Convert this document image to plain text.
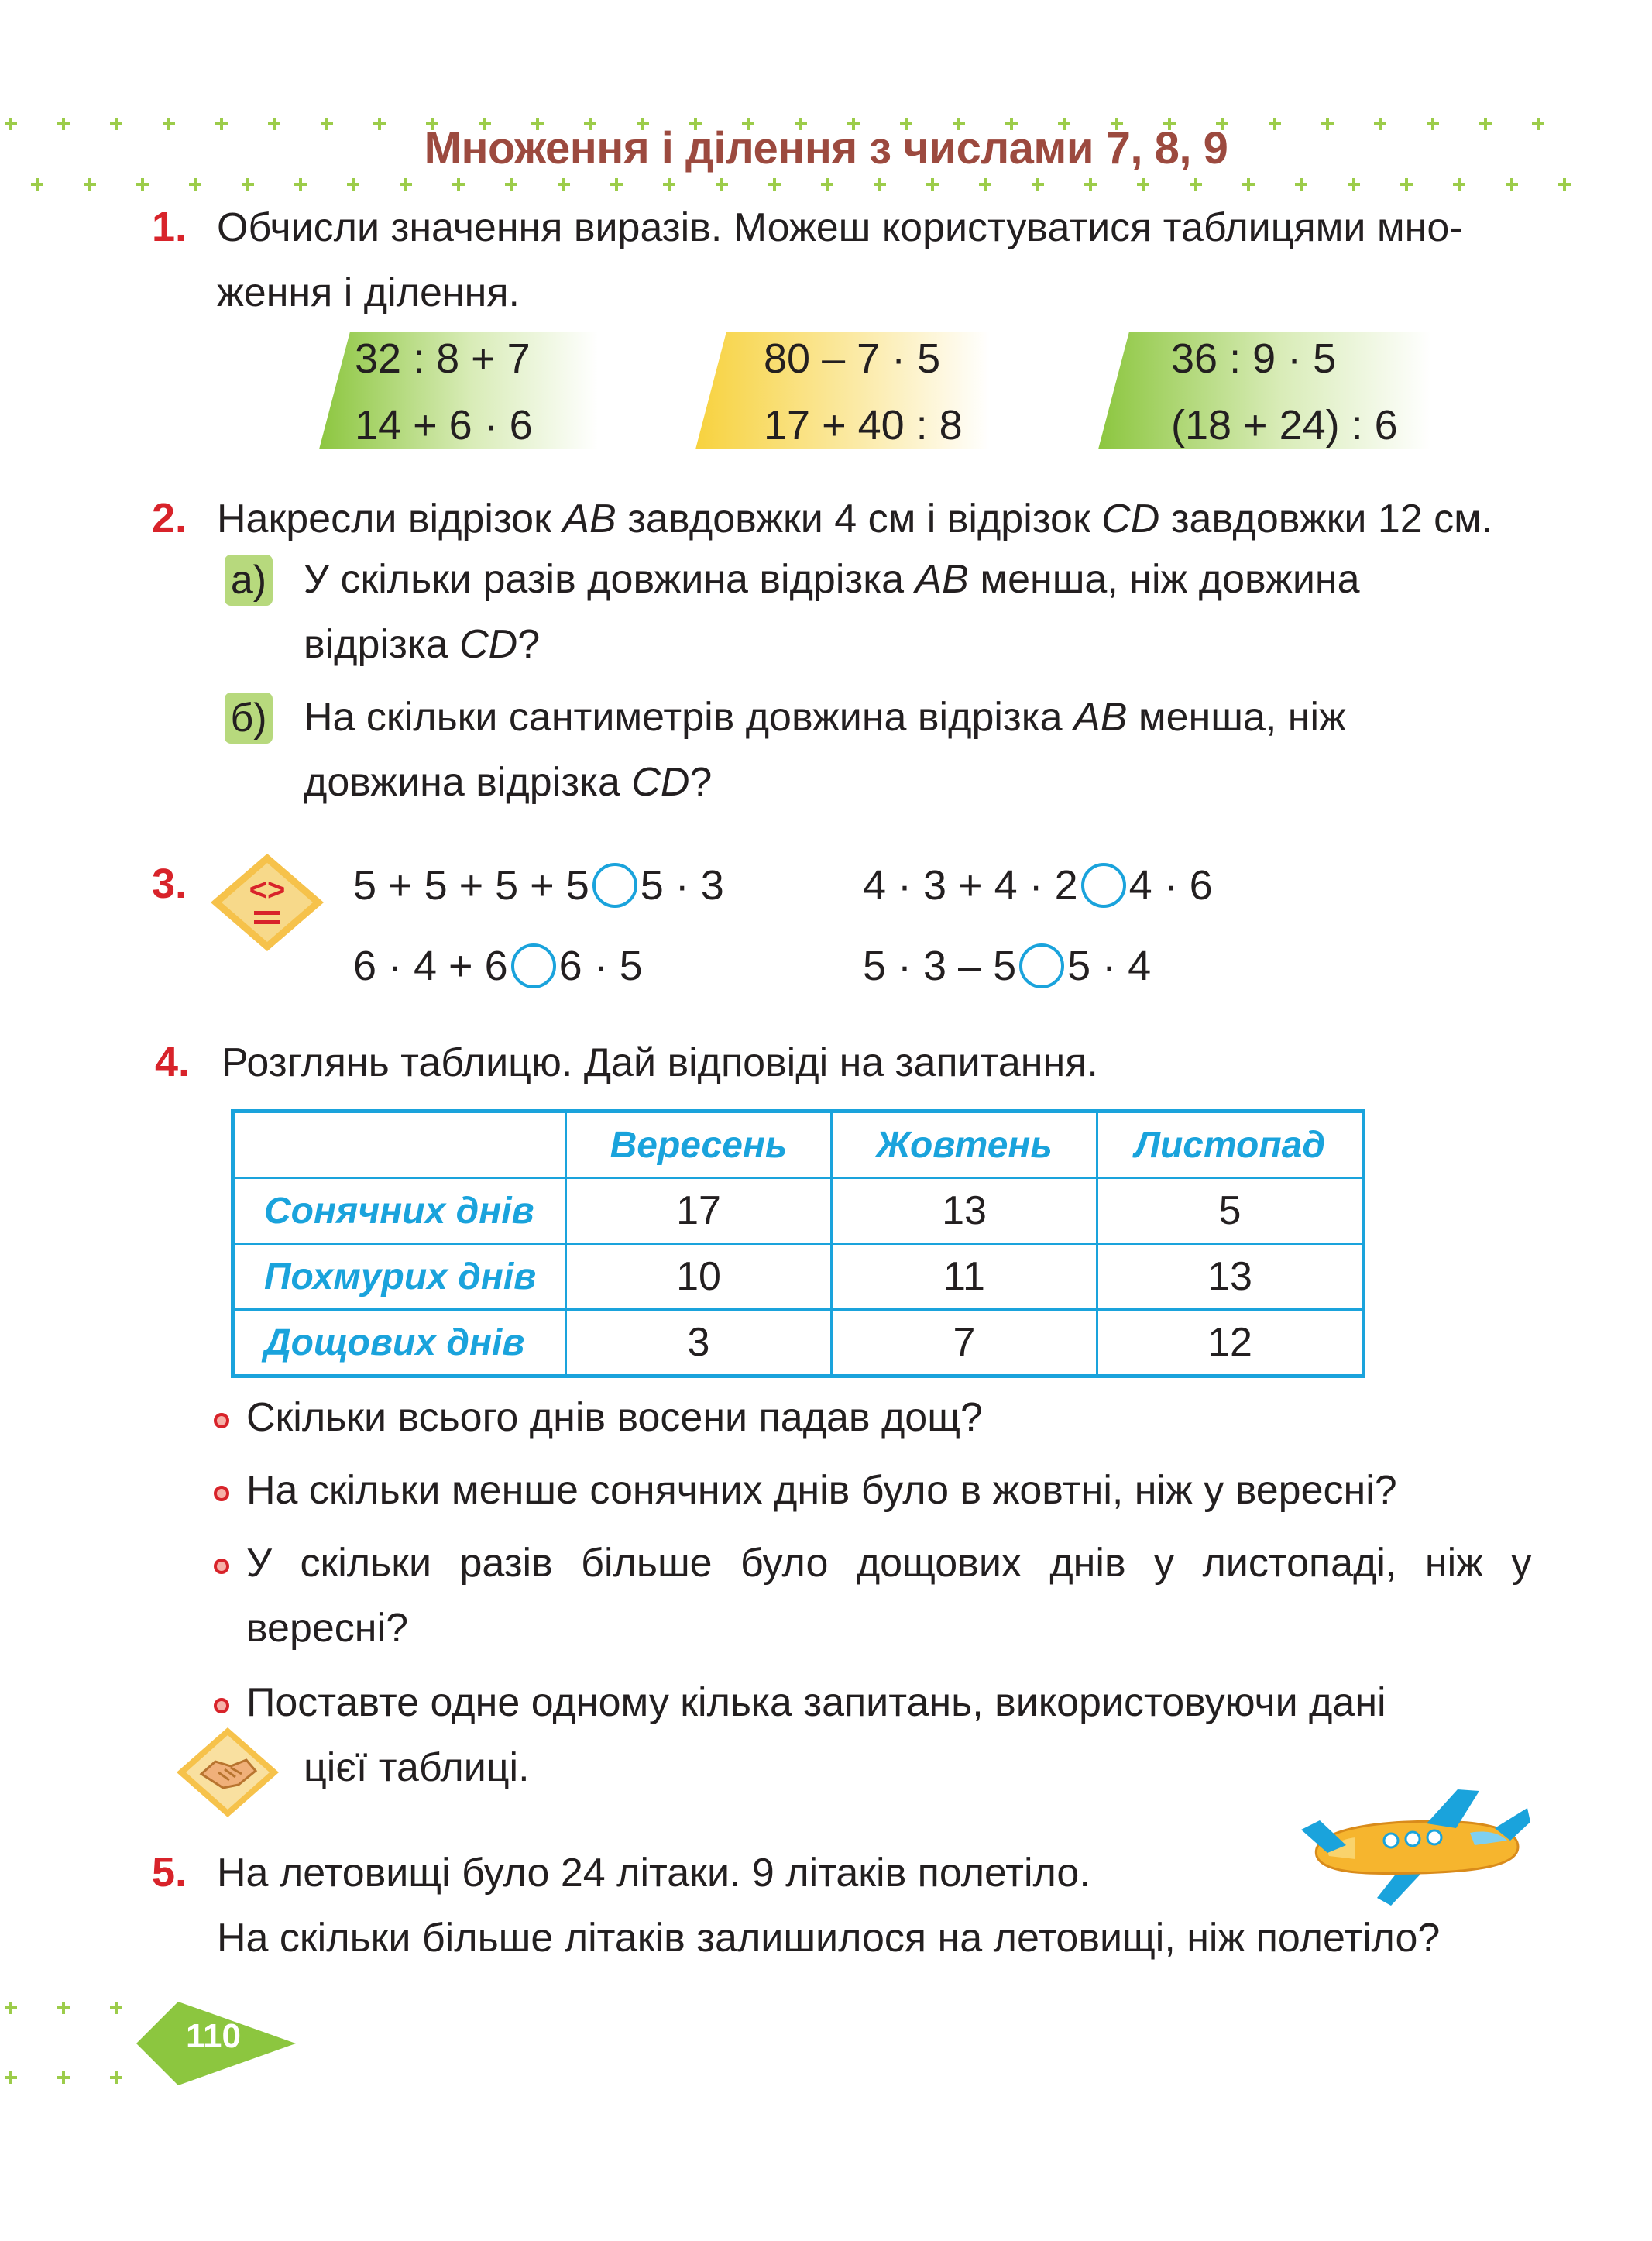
Множення і ділення з числами 7, 8, 9
1. Обчисли значення виразів. Можеш користуватися таблицями мно-
ження і ділення.
32 : 8 + 7
14 + 6 · 6
80 – 7 · 5
17 + 40 : 8
36 : 9 · 5
(18 + 24) : 6
2. Накресли відрізок AB завдовжки 4 см і відрізок CD завдовжки 12 см.
а) У скільки разів довжина відрізка AB менша, ніж довжина
відрізка CD?
б) На скільки сантиметрів довжина відрізка AB менша, ніж
довжина відрізка CD?
3. <> 5 + 5 + 5 + 5 5 · 3	4 · 3 + 4 · 2 4 · 6
6 · 4 + 6 6 · 5	5 · 3 – 5 5 · 4
4. Розглянь таблицю. Дай відповіді на запитання.
	Вересень	Жовтень	Листопад
Сонячних днів	17	13	5
Похмурих днів	10	11	13
Дощових днів	3	7	12
Скільки всього днів восени падав дощ?
На скільки менше сонячних днів було в жовтні, ніж у вересні?
У скільки разів більше було дощових днів у листопаді, ніж у
вересні?
Поставте одне одному кілька запитань, використовуючи дані
цієї таблиці.
5. На летовищі було 24 літаки. 9 літаків полетіло.
На скільки більше літаків залишилося на летовищі, ніж полетіло?
110
